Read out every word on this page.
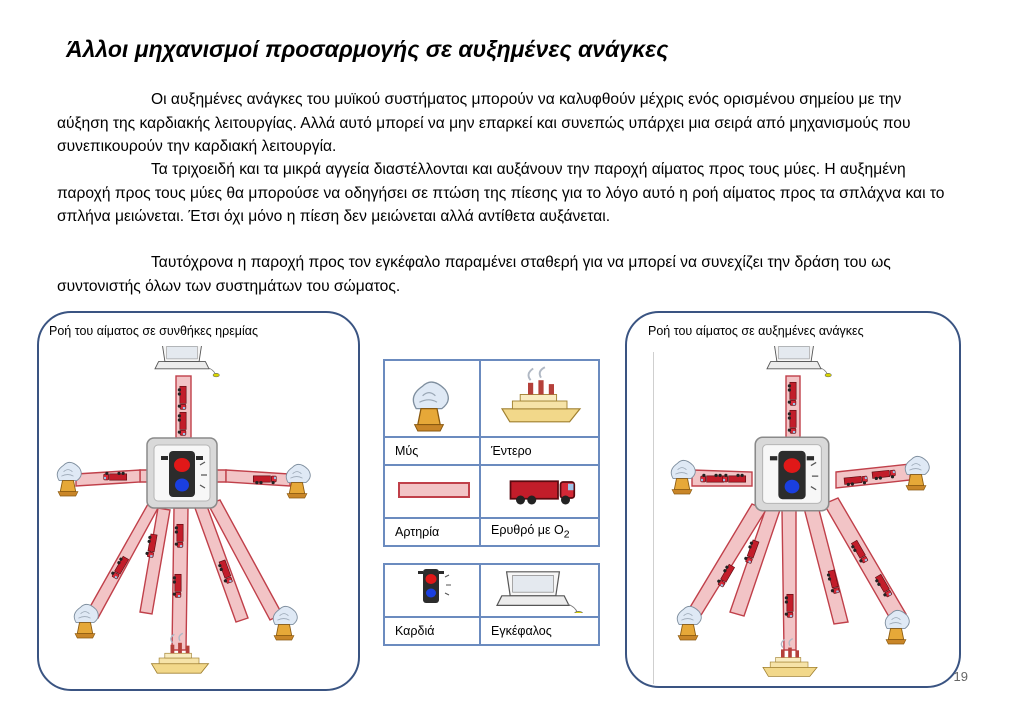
Άλλοι μηχανισμοί προσαρμογής σε αυξημένες ανάγκες

Οι αυξημένες ανάγκες του μυϊκού συστήματος μπορούν να καλυφθούν μέχρις ενός ορισμένου σημείου με την αύξηση της καρδιακής λειτουργίας. Αλλά αυτό μπορεί να μην επαρκεί και συνεπώς υπάρχει μια σειρά από μηχανισμούς που συνεπικουρούν την καρδιακή λειτουργία.

Τα τριχοειδή και τα μικρά αγγεία διαστέλλονται και αυξάνουν την παροχή αίματος προς τους μύες. Η αυξημένη παροχή προς τους μύες θα μπορούσε να οδηγήσει σε πτώση της πίεσης για το λόγο αυτό η ροή αίματος προς τα σπλάχνα και το σπλήνα μειώνεται. Έτσι όχι μόνο η πίεση δεν μειώνεται αλλά αντίθετα αυξάνεται.

Ταυτόχρονα η παροχή προς τον εγκέφαλο παραμένει σταθερή για να μπορεί να συνεχίζει την δράση του ως συντονιστής όλων των συστημάτων του σώματος.

Ροή του αίματος σε συνθήκες ηρεμίας

Μύς	Έντερο

Αρτηρία	Ερυθρό με $O_2$

Καρδιά	Εγκέφαλος
Ροή του αίματος σε αυξημένες ανάγκες
19
